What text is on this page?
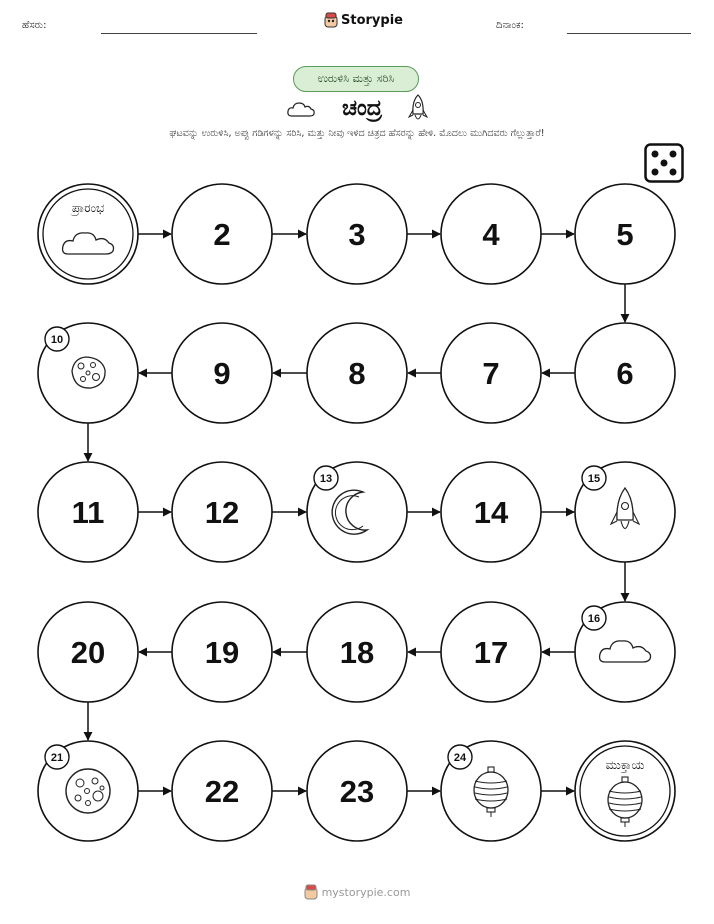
ಹೆಸರು:	ದಿನಾಂಕ:
Storypie
ಉರುಳಿಸಿ ಮತ್ತು ಸರಿಸಿ
ಚಂದ್ರ
ಘಟವನ್ನು ಉರುಳಿಸಿ, ಅಪ್ಪು ಗಡಿಗಳನ್ನು ಸರಿಸಿ, ಮತ್ತು ನೀವು ಇಳಿದ ಚಿತ್ರದ ಹೆಸರನ್ನು ಹೇಳಿ. ಮೊದಲು ಮುಗಿದವರು ಗೆಲ್ಲುತ್ತಾರೆ!
ಪ್ರಾರಂಭ
2	3	4	5
6
7
8
9
10
11	12
13
14
15
16
17
18
19
20
21
22	23
24	ಮುಕ್ತಾಯ
mystorypie.com
